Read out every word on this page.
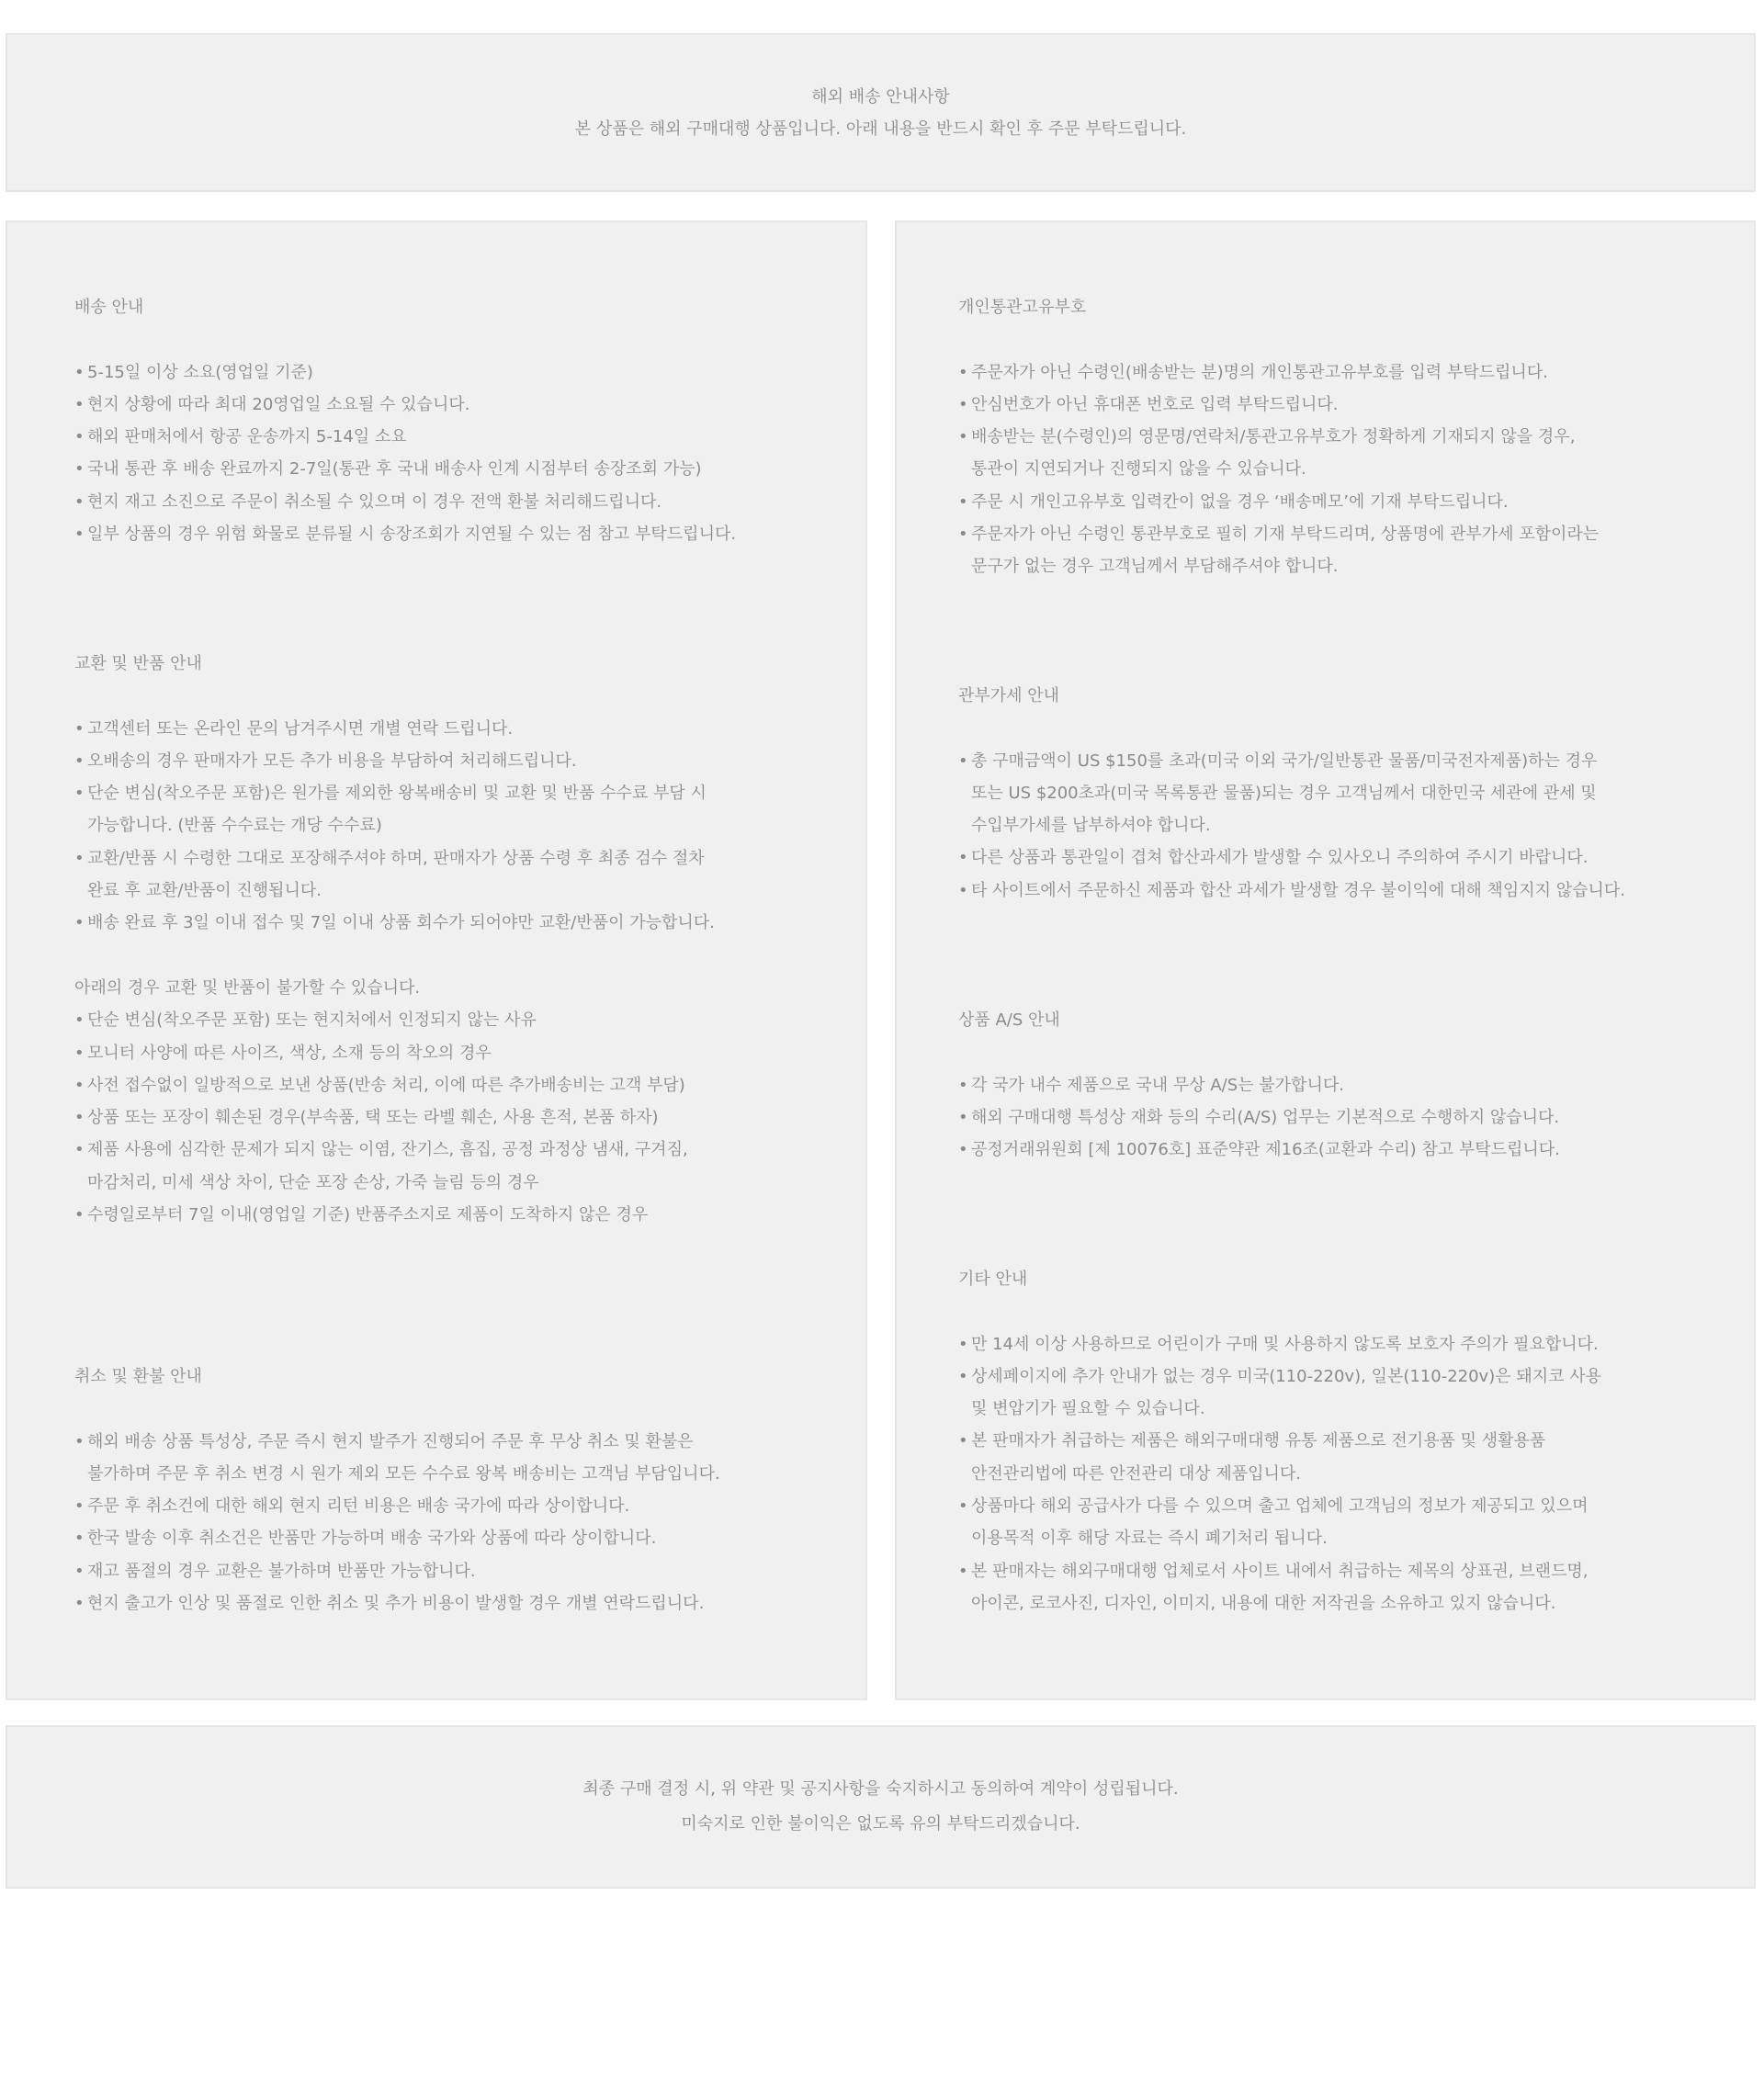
해외 배송 안내사항
본 상품은 해외 구매대행 상품입니다. 아래 내용을 반드시 확인 후 주문 부탁드립니다.
배송 안내
• 5-15일 이상 소요(영업일 기준)
• 현지 상황에 따라 최대 20영업일 소요될 수 있습니다.
• 해외 판매처에서 항공 운송까지 5-14일 소요
• 국내 통관 후 배송 완료까지 2-7일(통관 후 국내 배송사 인계 시점부터 송장조회 가능)
• 현지 재고 소진으로 주문이 취소될 수 있으며 이 경우 전액 환불 처리해드립니다.
• 일부 상품의 경우 위험 화물로 분류될 시 송장조회가 지연될 수 있는 점 참고 부탁드립니다.
교환 및 반품 안내
• 고객센터 또는 온라인 문의 남겨주시면 개별 연락 드립니다.
• 오배송의 경우 판매자가 모든 추가 비용을 부담하여 처리해드립니다.
• 단순 변심(착오주문 포함)은 원가를 제외한 왕복배송비 및 교환 및 반품 수수료 부담 시
가능합니다. (반품 수수료는 개당 수수료)
• 교환/반품 시 수령한 그대로 포장해주셔야 하며, 판매자가 상품 수령 후 최종 검수 절차
완료 후 교환/반품이 진행됩니다.
• 배송 완료 후 3일 이내 접수 및 7일 이내 상품 회수가 되어야만 교환/반품이 가능합니다.
아래의 경우 교환 및 반품이 불가할 수 있습니다.
• 단순 변심(착오주문 포함) 또는 현지처에서 인정되지 않는 사유
• 모니터 사양에 따른 사이즈, 색상, 소재 등의 착오의 경우
• 사전 접수없이 일방적으로 보낸 상품(반송 처리, 이에 따른 추가배송비는 고객 부담)
• 상품 또는 포장이 훼손된 경우(부속품, 택 또는 라벨 훼손, 사용 흔적, 본품 하자)
• 제품 사용에 심각한 문제가 되지 않는 이염, 잔기스, 흠집, 공정 과정상 냄새, 구겨짐,
마감처리, 미세 색상 차이, 단순 포장 손상, 가죽 늘림 등의 경우
• 수령일로부터 7일 이내(영업일 기준) 반품주소지로 제품이 도착하지 않은 경우
취소 및 환불 안내
• 해외 배송 상품 특성상, 주문 즉시 현지 발주가 진행되어 주문 후 무상 취소 및 환불은
불가하며 주문 후 취소 변경 시 원가 제외 모든 수수료 왕복 배송비는 고객님 부담입니다.
• 주문 후 취소건에 대한 해외 현지 리턴 비용은 배송 국가에 따라 상이합니다.
• 한국 발송 이후 취소건은 반품만 가능하며 배송 국가와 상품에 따라 상이합니다.
• 재고 품절의 경우 교환은 불가하며 반품만 가능합니다.
• 현지 출고가 인상 및 품절로 인한 취소 및 추가 비용이 발생할 경우 개별 연락드립니다.
개인통관고유부호
• 주문자가 아닌 수령인(배송받는 분)명의 개인통관고유부호를 입력 부탁드립니다.
• 안심번호가 아닌 휴대폰 번호로 입력 부탁드립니다.
• 배송받는 분(수령인)의 영문명/연락처/통관고유부호가 정확하게 기재되지 않을 경우,
통관이 지연되거나 진행되지 않을 수 있습니다.
• 주문 시 개인고유부호 입력칸이 없을 경우 ‘배송메모’에 기재 부탁드립니다.
• 주문자가 아닌 수령인 통관부호로 필히 기재 부탁드리며, 상품명에 관부가세 포함이라는
문구가 없는 경우 고객님께서 부담해주셔야 합니다.
관부가세 안내
• 총 구매금액이 US $150를 초과(미국 이외 국가/일반통관 물품/미국전자제품)하는 경우
또는 US $200초과(미국 목록통관 물품)되는 경우 고객님께서 대한민국 세관에 관세 및
수입부가세를 납부하셔야 합니다.
• 다른 상품과 통관일이 겹쳐 합산과세가 발생할 수 있사오니 주의하여 주시기 바랍니다.
• 타 사이트에서 주문하신 제품과 합산 과세가 발생할 경우 불이익에 대해 책임지지 않습니다.
상품 A/S 안내
• 각 국가 내수 제품으로 국내 무상 A/S는 불가합니다.
• 해외 구매대행 특성상 재화 등의 수리(A/S) 업무는 기본적으로 수행하지 않습니다.
• 공정거래위원회 [제 10076호] 표준약관 제16조(교환과 수리) 참고 부탁드립니다.
기타 안내
• 만 14세 이상 사용하므로 어린이가 구매 및 사용하지 않도록 보호자 주의가 필요합니다.
• 상세페이지에 추가 안내가 없는 경우 미국(110-220v), 일본(110-220v)은 돼지코 사용
및 변압기가 필요할 수 있습니다.
• 본 판매자가 취급하는 제품은 해외구매대행 유통 제품으로 전기용품 및 생활용품
안전관리법에 따른 안전관리 대상 제품입니다.
• 상품마다 해외 공급사가 다를 수 있으며 출고 업체에 고객님의 정보가 제공되고 있으며
이용목적 이후 해당 자료는 즉시 폐기처리 됩니다.
• 본 판매자는 해외구매대행 업체로서 사이트 내에서 취급하는 제목의 상표권, 브랜드명,
아이콘, 로코사진, 디자인, 이미지, 내용에 대한 저작권을 소유하고 있지 않습니다.
최종 구매 결정 시, 위 약관 및 공지사항을 숙지하시고 동의하여 계약이 성립됩니다.
미숙지로 인한 불이익은 없도록 유의 부탁드리겠습니다.
